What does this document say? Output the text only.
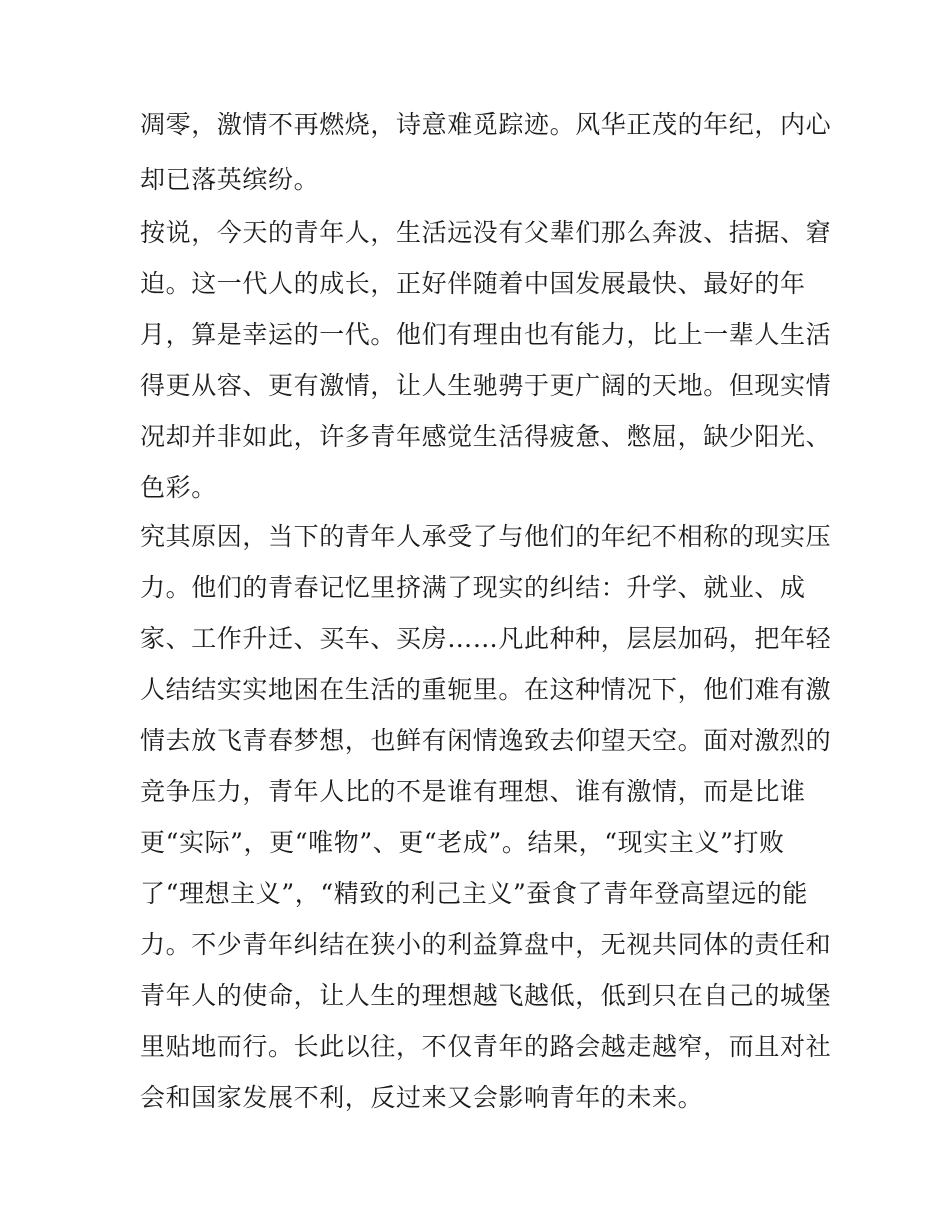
凋零，激情不再燃烧，诗意难觅踪迹。风华正茂的年纪，内心
却已落英缤纷。
按说，今天的青年人，生活远没有父辈们那么奔波、拮据、窘
迫。这一代人的成长，正好伴随着中国发展最快、最好的年
月，算是幸运的一代。他们有理由也有能力，比上一辈人生活
得更从容、更有激情，让人生驰骋于更广阔的天地。但现实情
况却并非如此，许多青年感觉生活得疲惫、憋屈，缺少阳光、
色彩。
究其原因，当下的青年人承受了与他们的年纪不相称的现实压
力。他们的青春记忆里挤满了现实的纠结：升学、就业、成
家、工作升迁、买车、买房……凡此种种，层层加码，把年轻
人结结实实地困在生活的重轭里。在这种情况下，他们难有激
情去放飞青春梦想，也鲜有闲情逸致去仰望天空。面对激烈的
竞争压力，青年人比的不是谁有理想、谁有激情，而是比谁
更“实际”，更“唯物”、更“老成”。结果，“现实主义”打败
了“理想主义”，“精致的利己主义”蚕食了青年登高望远的能
力。不少青年纠结在狭小的利益算盘中，无视共同体的责任和
青年人的使命，让人生的理想越飞越低，低到只在自己的城堡
里贴地而行。长此以往，不仅青年的路会越走越窄，而且对社
会和国家发展不利，反过来又会影响青年的未来。
